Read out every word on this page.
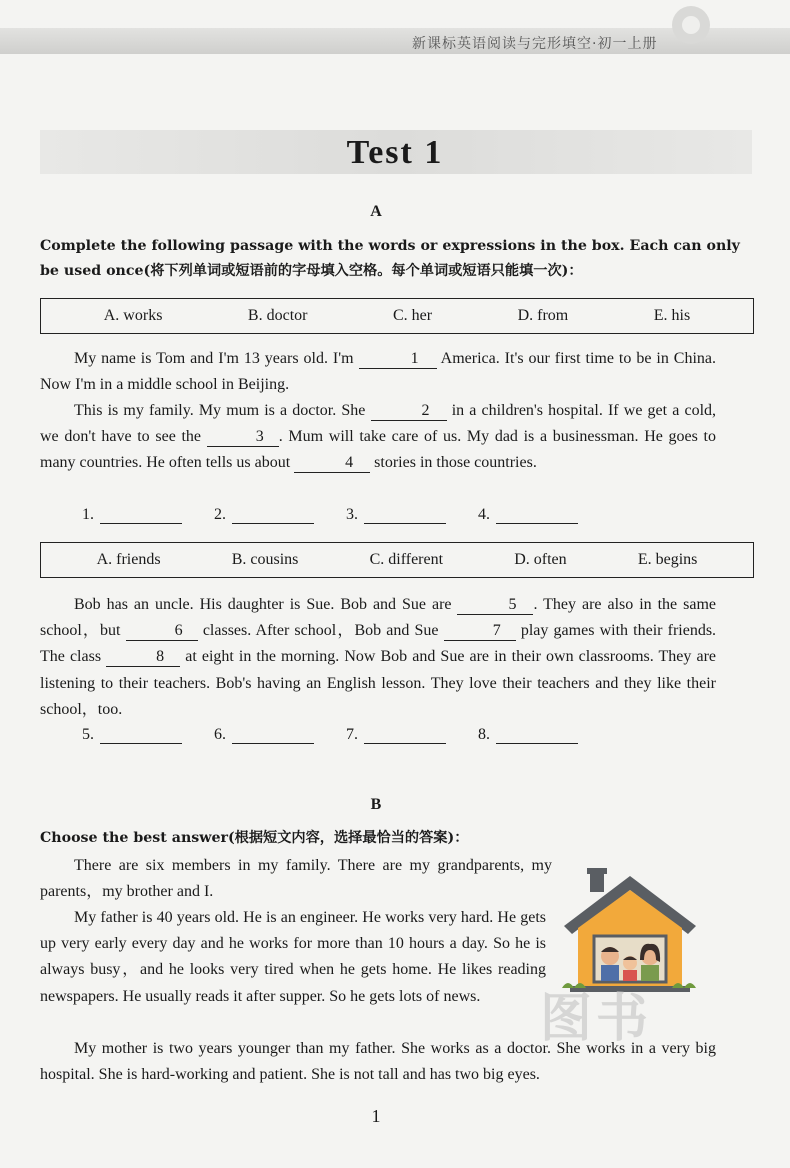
新课标英语阅读与完形填空·初一上册
Test 1
A
Complete the following passage with the words or expressions in the box. Each can only be used once(将下列单词或短语前的字母填入空格。每个单词或短语只能填一次)：
A. works	B. doctor	C. her	D. from	E. his
My name is Tom and I'm 13 years old. I'm	1 America. It's our first time to be in China. Now I'm in a middle school in Beijing.
This is my family. My mum is a doctor. She	2 in a children's hospital. If we get a cold, we don't have to see the	3 . Mum will take care of us. My dad is a businessman. He goes to many countries. He often tells us about	4 stories in those countries.
1.	2.	3.	4.
A. friends	B. cousins	C. different	D. often	E. begins
Bob has an uncle. His daughter is Sue. Bob and Sue are	5 . They are also in the same school，but	6 classes. After school，Bob and Sue	7 play games with their friends. The class	8 at eight in the morning. Now Bob and Sue are in their own classrooms. They are listening to their teachers. Bob's having an English lesson. They love their teachers and they like their school，too.
5.	6.	7.	8.
B
Choose the best answer(根据短文内容，选择最恰当的答案)：
There are six members in my family. There are my grandparents, my parents，my brother and I.
My father is 40 years old. He is an engineer. He works very hard. He gets up very early every day and he works for more than 10 hours a day. So he is always busy，and he looks very tired when he gets home. He likes reading newspapers. He usually reads it after supper. So he gets lots of news.
My mother is two years younger than my father. She works as a doctor. She works in a very big hospital. She is hard-working and patient. She is not tall and has two big eyes.
图书
1
